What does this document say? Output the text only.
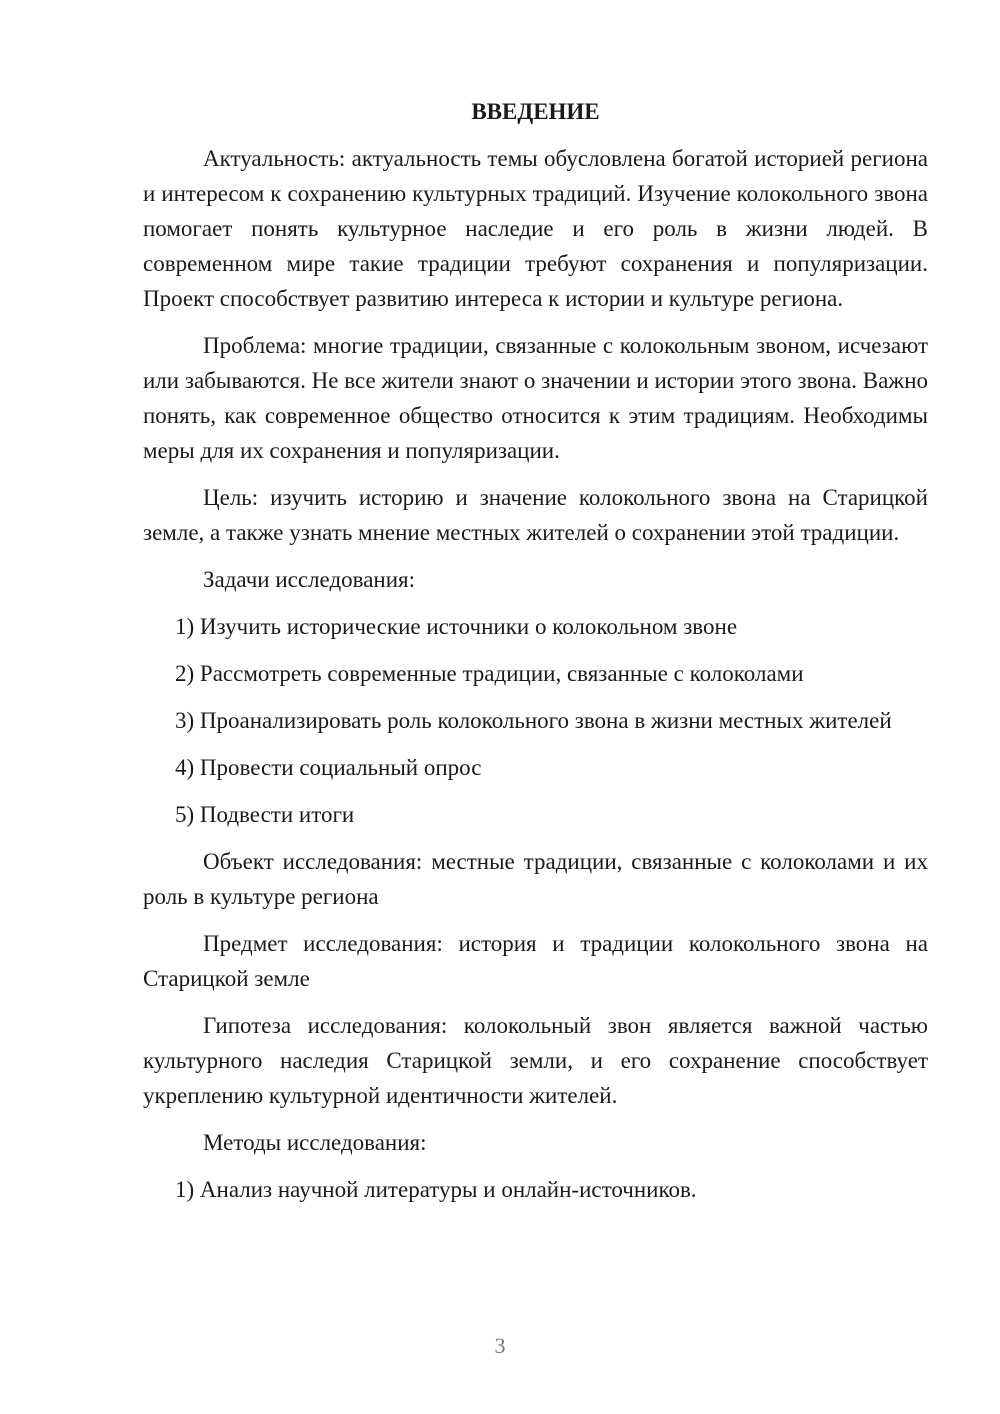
ВВЕДЕНИЕ

Актуальность: актуальность темы обусловлена богатой историей региона и интересом к сохранению культурных традиций. Изучение колокольного звона помогает понять культурное наследие и его роль в жизни людей. В современном мире такие традиции требуют сохранения и популяризации. Проект способствует развитию интереса к истории и культуре региона.

Проблема: многие традиции, связанные с колокольным звоном, исчезают или забываются. Не все жители знают о значении и истории этого звона. Важно понять, как современное общество относится к этим традициям. Необходимы меры для их сохранения и популяризации.

Цель: изучить историю и значение колокольного звона на Старицкой земле, а также узнать мнение местных жителей о сохранении этой традиции.

Задачи исследования:

1) Изучить исторические источники о колокольном звоне

2) Рассмотреть современные традиции, связанные с колоколами

3) Проанализировать роль колокольного звона в жизни местных жителей

4) Провести социальный опрос

5) Подвести итоги

Объект исследования: местные традиции, связанные с колоколами и их роль в культуре региона

Предмет исследования: история и традиции колокольного звона на Старицкой земле

Гипотеза исследования: колокольный звон является важной частью культурного наследия Старицкой земли, и его сохранение способствует укреплению культурной идентичности жителей.

Методы исследования:

1) Анализ научной литературы и онлайн-источников.

3
